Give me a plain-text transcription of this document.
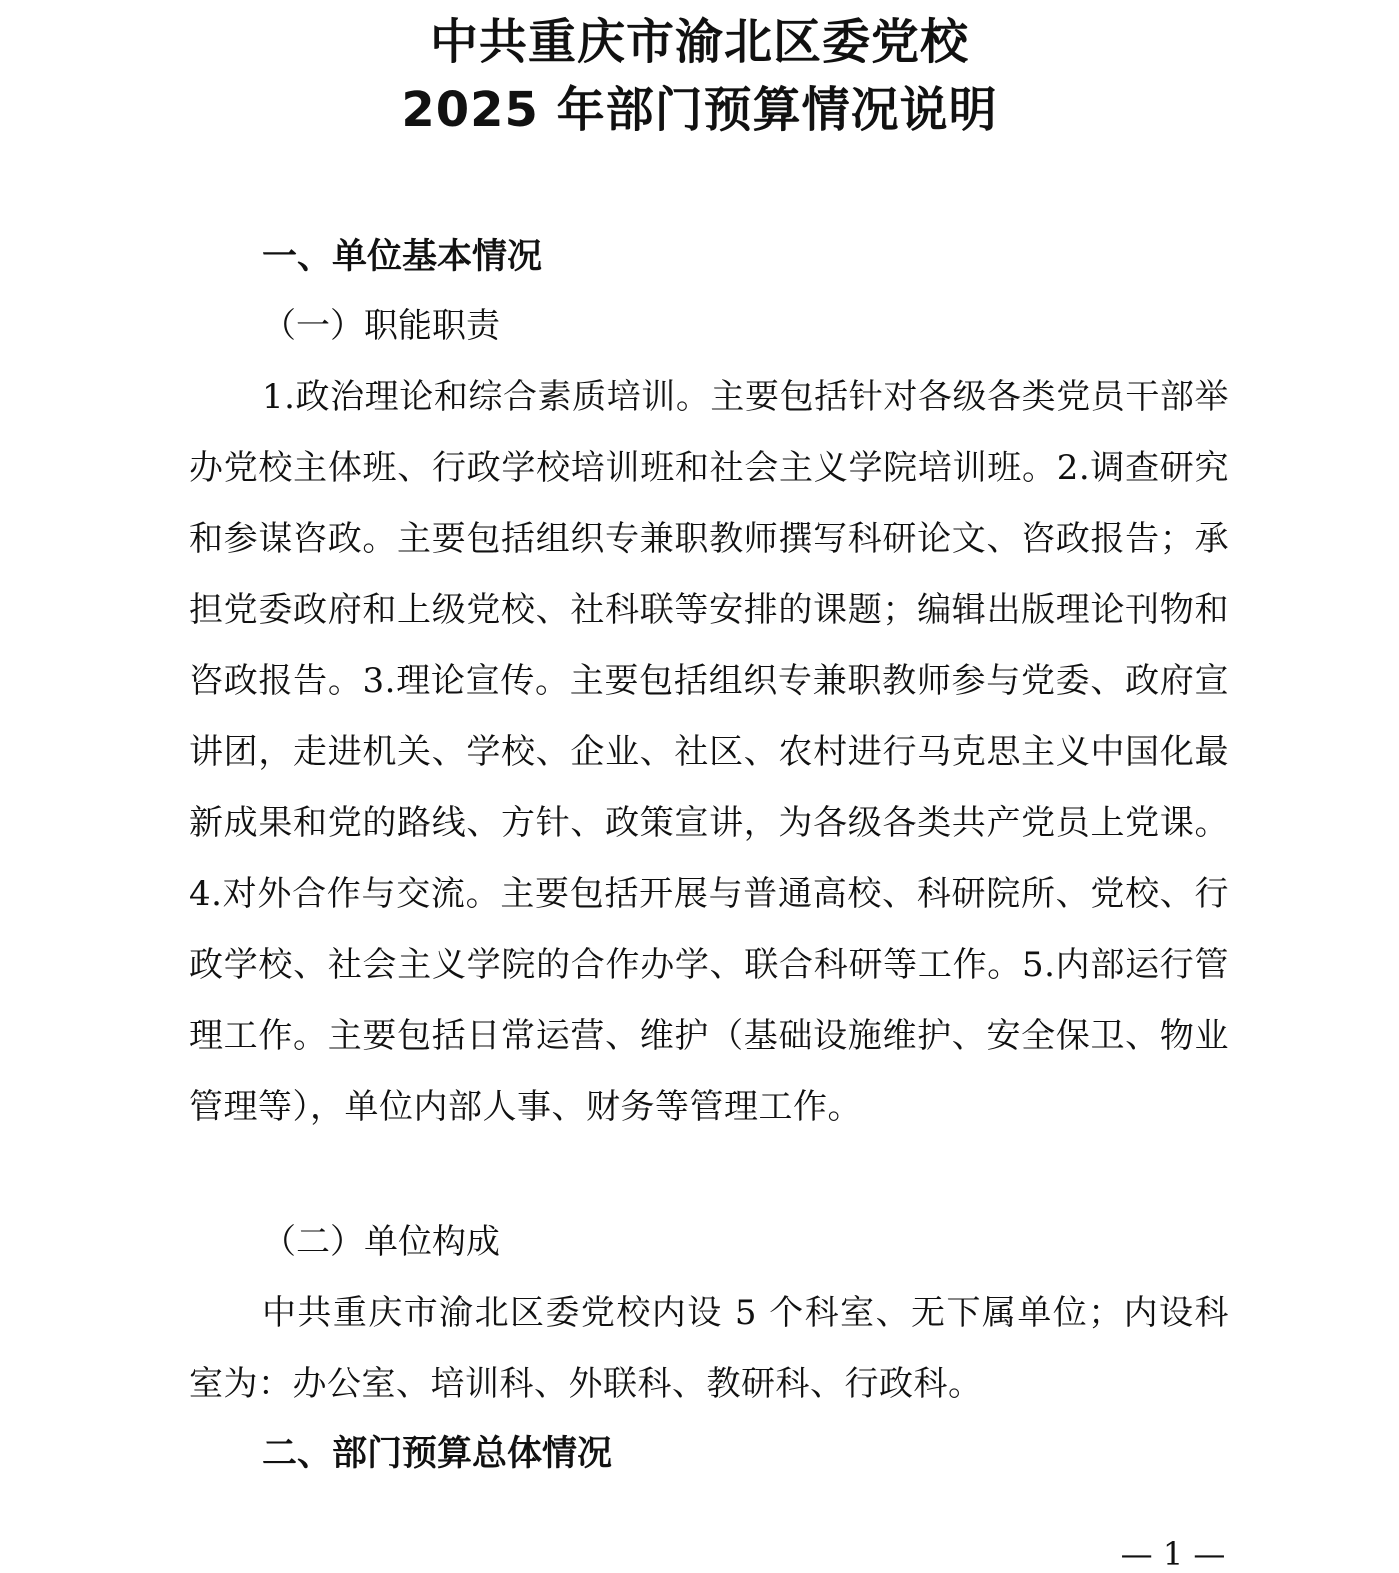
中共重庆市渝北区委党校
2025 年部门预算情况说明
一、单位基本情况
（一）职能职责

1.政治理论和综合素质培训。主要包括针对各级各类党员干部举办党校主体班、行政学校培训班和社会主义学院培训班。2.调查研究和参谋咨政。主要包括组织专兼职教师撰写科研论文、咨政报告；承担党委政府和上级党校、社科联等安排的课题；编辑出版理论刊物和咨政报告。3.理论宣传。主要包括组织专兼职教师参与党委、政府宣讲团，走进机关、学校、企业、社区、农村进行马克思主义中国化最新成果和党的路线、方针、政策宣讲，为各级各类共产党员上党课。4.对外合作与交流。主要包括开展与普通高校、科研院所、党校、行政学校、社会主义学院的合作办学、联合科研等工作。5.内部运行管理工作。主要包括日常运营、维护（基础设施维护、安全保卫、物业管理等），单位内部人事、财务等管理工作。

（二）单位构成

中共重庆市渝北区委党校内设 5 个科室、无下属单位；内设科室为：办公室、培训科、外联科、教研科、行政科。

二、部门预算总体情况
— 1 —
